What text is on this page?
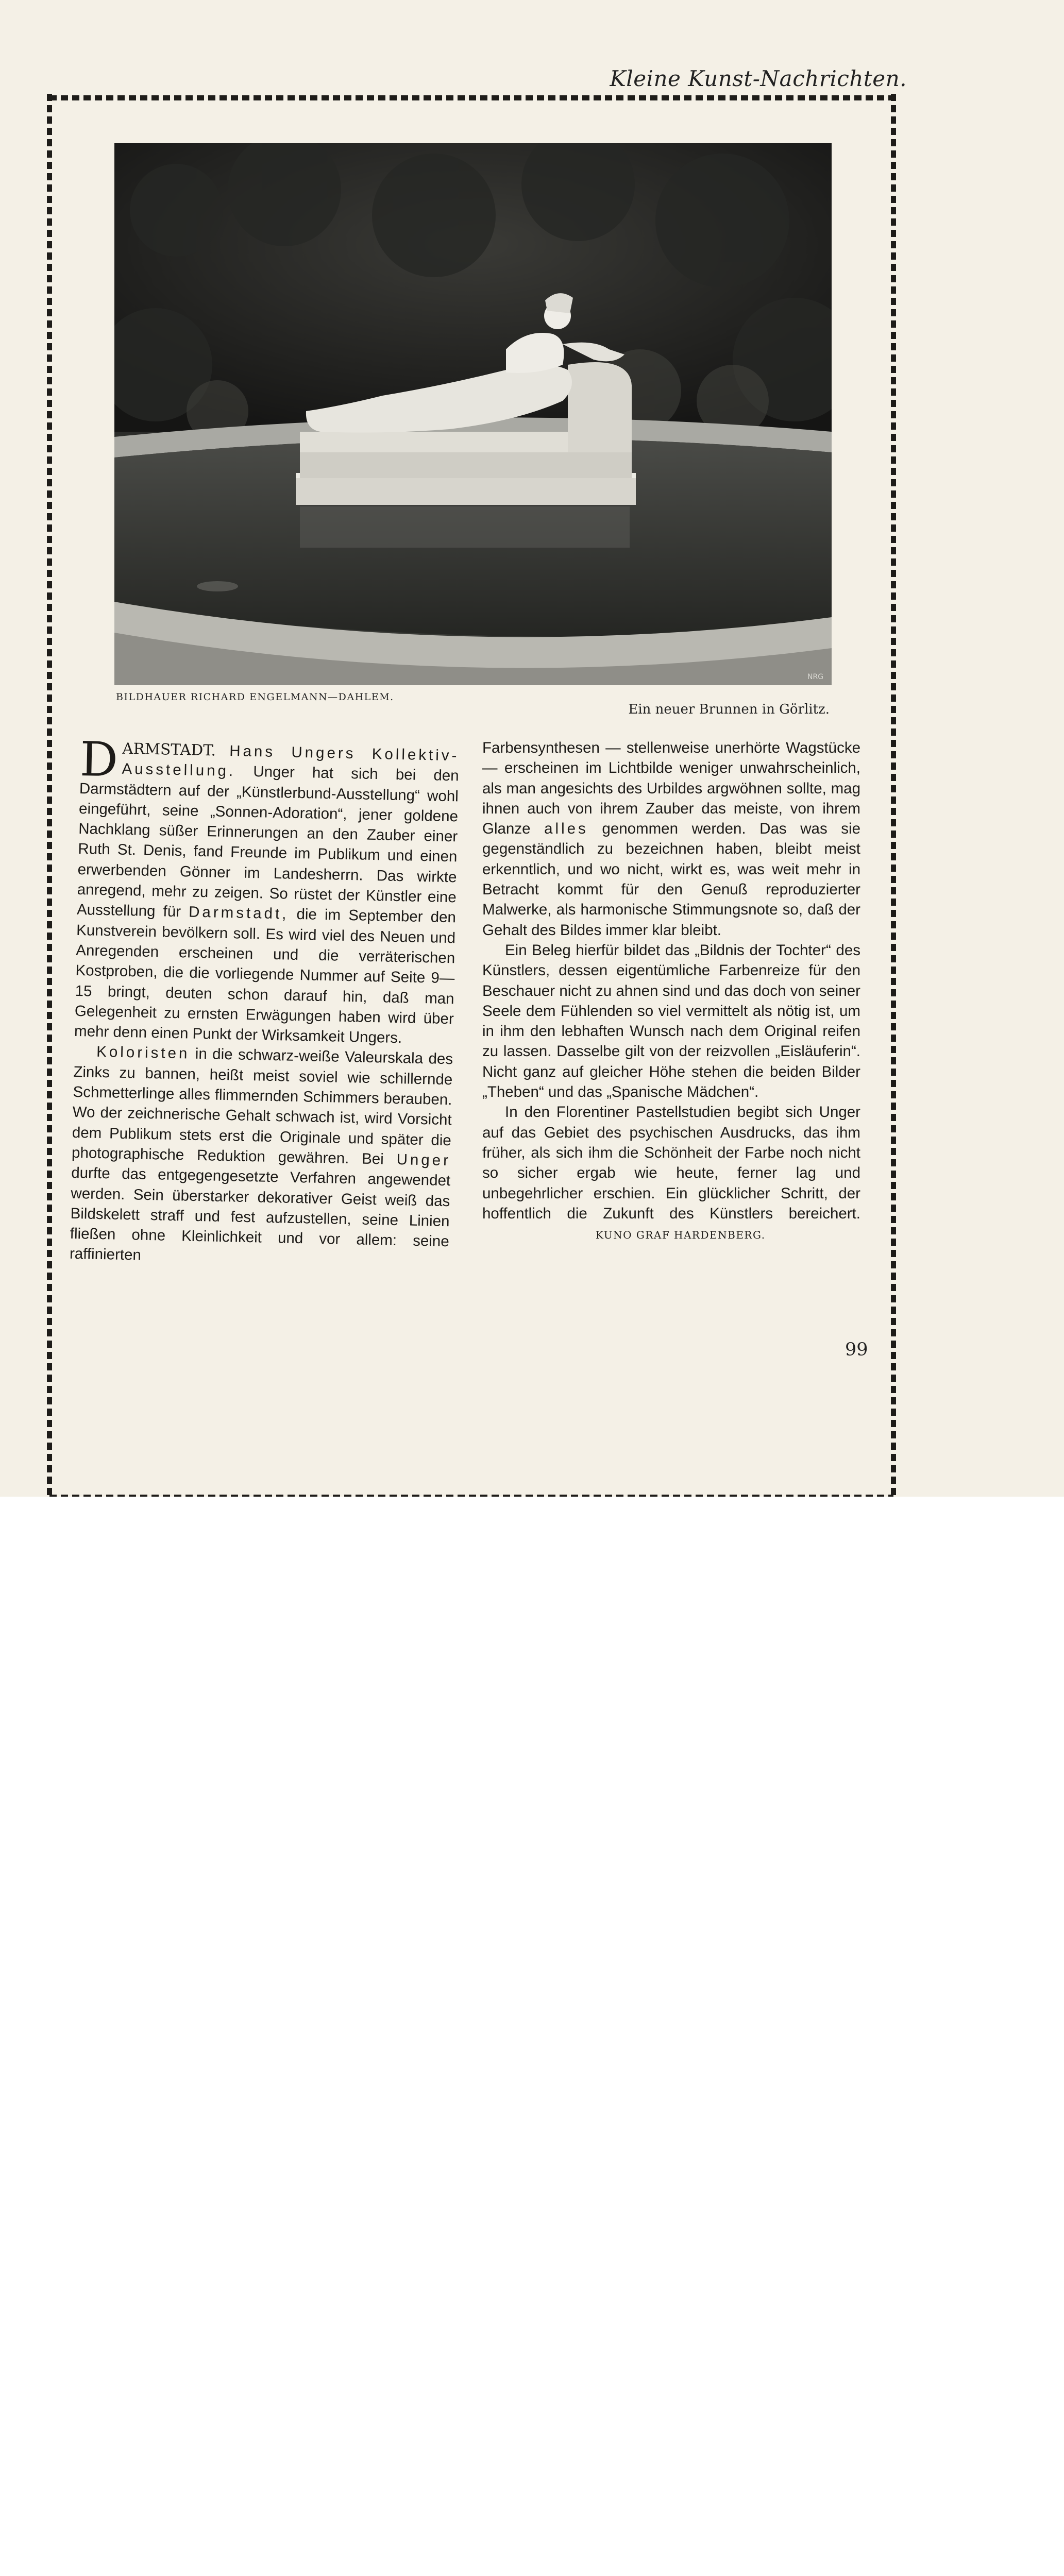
Kleine Kunst-Nachrichten.
NRG
BILDHAUER RICHARD ENGELMANN—DAHLEM.
Ein neuer Brunnen in Görlitz.

DARMSTADT. Hans Ungers Kollektiv-Ausstellung. Unger hat sich bei den Darmstädtern auf der „Künstlerbund-Ausstellung“ wohl eingeführt, seine „Sonnen-Adoration“, jener goldene Nachklang süßer Erinnerungen an den Zauber einer Ruth St. Denis, fand Freunde im Publikum und einen erwerbenden Gönner im Landesherrn. Das wirkte anregend, mehr zu zeigen. So rüstet der Künstler eine Ausstellung für Darmstadt, die im September den Kunstverein bevölkern soll. Es wird viel des Neuen und Anregenden erscheinen und die verräterischen Kostproben, die die vorliegende Nummer auf Seite 9—15 bringt, deuten schon darauf hin, daß man Gelegenheit zu ernsten Erwägungen haben wird über mehr denn einen Punkt der Wirksamkeit Ungers.

Koloristen in die schwarz-weiße Valeurskala des Zinks zu bannen, heißt meist soviel wie schillernde Schmetterlinge alles flimmernden Schimmers berauben. Wo der zeichnerische Gehalt schwach ist, wird Vorsicht dem Publikum stets erst die Originale und später die photographische Reduktion gewähren. Bei Unger durfte das entgegengesetzte Verfahren angewendet werden. Sein überstarker dekorativer Geist weiß das Bildskelett straff und fest aufzustellen, seine Linien fließen ohne Kleinlichkeit und vor allem: seine raffinierten

Farbensynthesen — stellenweise unerhörte Wagstücke — erscheinen im Lichtbilde weniger unwahrscheinlich, als man angesichts des Urbildes argwöhnen sollte, mag ihnen auch von ihrem Zauber das meiste, von ihrem Glanze alles genommen werden. Das was sie gegenständlich zu bezeichnen haben, bleibt meist erkenntlich, und wo nicht, wirkt es, was weit mehr in Betracht kommt für den Genuß reproduzierter Malwerke, als harmonische Stimmungsnote so, daß der Gehalt des Bildes immer klar bleibt.

Ein Beleg hierfür bildet das „Bildnis der Tochter“ des Künstlers, dessen eigentümliche Farbenreize für den Beschauer nicht zu ahnen sind und das doch von seiner Seele dem Fühlenden so viel vermittelt als nötig ist, um in ihm den lebhaften Wunsch nach dem Original reifen zu lassen. Dasselbe gilt von der reizvollen „Eisläuferin“. Nicht ganz auf gleicher Höhe stehen die beiden Bilder „Theben“ und das „Spanische Mädchen“.

In den Florentiner Pastellstudien begibt sich Unger auf das Gebiet des psychischen Ausdrucks, das ihm früher, als sich ihm die Schönheit der Farbe noch nicht so sicher ergab wie heute, ferner lag und unbegehrlicher erschien. Ein glücklicher Schritt, der hoffentlich die Zukunft des Künstlers bereichert. KUNO GRAF HARDENBERG.

99
